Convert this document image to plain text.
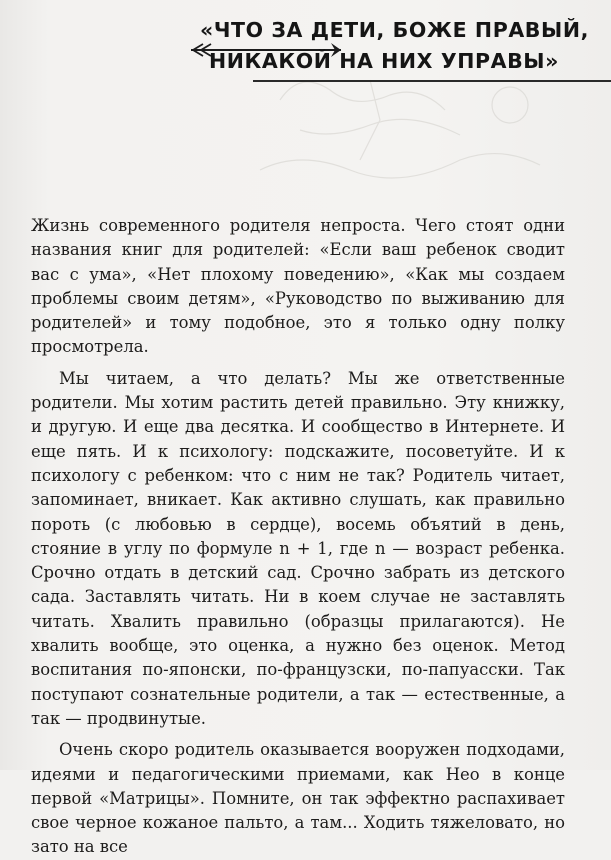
«ЧТО ЗА ДЕТИ, БОЖЕ ПРАВЫЙ,
НИКАКОЙ НА НИХ УПРАВЫ»

Жизнь современного родителя непроста. Чего стоят одни названия книг для родителей: «Если ваш ребенок сводит вас с ума», «Нет плохому поведению», «Как мы создаем проблемы своим детям», «Руководство по выживанию для родителей» и тому подобное, это я только одну полку просмотрела.

Мы читаем, а что делать? Мы же ответственные родители. Мы хотим растить детей правильно. Эту книжку, и другую. И еще два десятка. И сообщество в Интернете. И еще пять. И к психологу: подскажите, посоветуйте. И к психологу с ребенком: что с ним не так? Родитель читает, запоминает, вникает. Как активно слушать, как правильно пороть (с любовью в сердце), восемь объятий в день, стояние в углу по формуле n + 1, где n — возраст ребенка. Срочно отдать в детский сад. Срочно забрать из детского сада. Заставлять читать. Ни в коем случае не заставлять читать. Хвалить правильно (образцы прилагаются). Не хвалить вообще, это оценка, а нужно без оценок. Метод воспитания по-японски, по-французски, по-папуасски. Так поступают сознательные родители, а так — естественные, а так — продвинутые.

Очень скоро родитель оказывается вооружен подходами, идеями и педагогическими приемами, как Нео в конце первой «Матрицы». Помните, он так эффектно распахивает свое черное кожаное пальто, а там... Ходить тяжеловато, но зато на все
